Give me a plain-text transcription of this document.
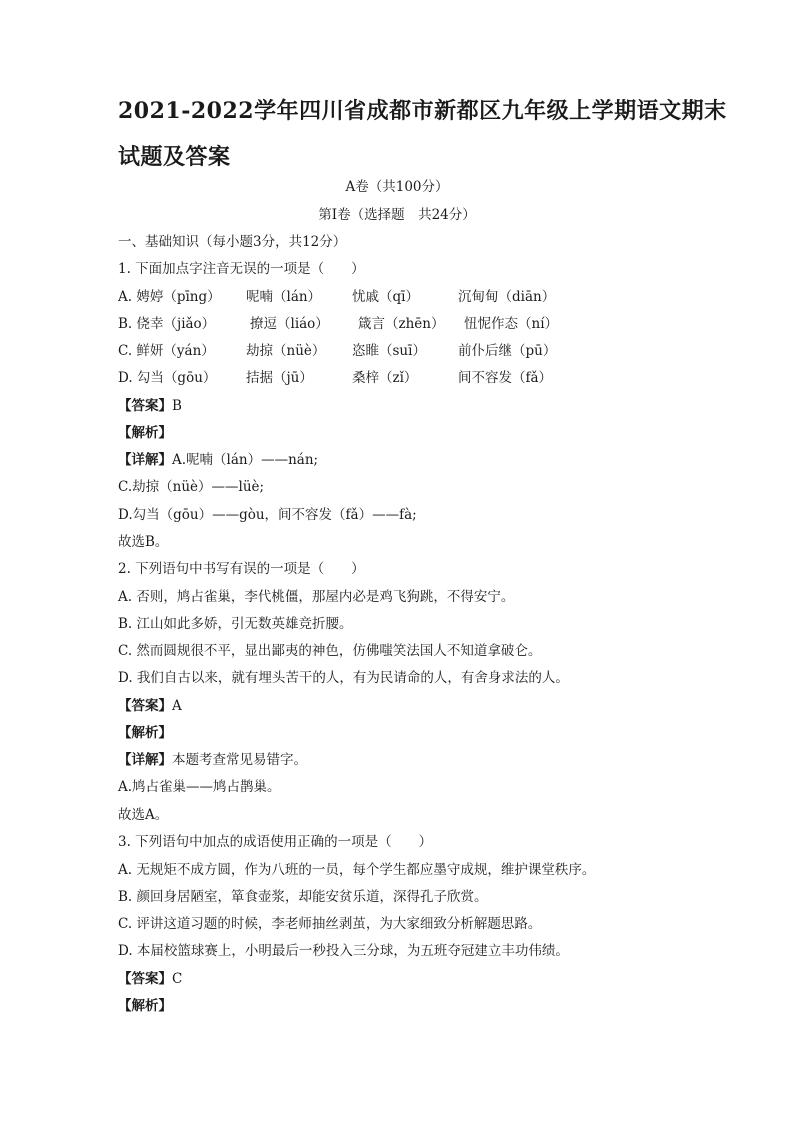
2021-2022学年四川省成都市新都区九年级上学期语文期末
试题及答案
A卷（共100分）
第Ⅰ卷（选择题　共24分）
一、基础知识（每小题3分，共12分）
1. 下面加点字注音无误的一项是（　　）
A. 娉婷（pīng） 呢喃（lán） 忧戚（qī）	沉甸甸（diān）
B. 侥幸（jiǎo）	撩逗（liáo） 箴言（zhēn） 忸怩作态（ní）
C. 鲜妍（yán） 劫掠（nüè） 恣睢（suī） 前仆后继（pū）
D. 勾当（gōu） 拮据（jū）	桑梓（zǐ）	间不容发（fǎ）
【答案】B
【解析】
【详解】A.呢喃（lán）——nán;
C.劫掠（nüè）——lüè;
D.勾当（gōu）——gòu，间不容发（fǎ）——fà;
故选B。
2. 下列语句中书写有误的一项是（　　）
A. 否则，鸠占雀巢，李代桃僵，那屋内必是鸡飞狗跳，不得安宁。
B. 江山如此多娇，引无数英雄竞折腰。
C. 然而圆规很不平，显出鄙夷的神色，仿佛嗤笑法国人不知道拿破仑。
D. 我们自古以来，就有埋头苦干的人，有为民请命的人，有舍身求法的人。
【答案】A
【解析】
【详解】本题考查常见易错字。
A.鸠占雀巢——鸠占鹊巢。
故选A。
3. 下列语句中加点的成语使用正确的一项是（　　）
A. 无规矩不成方圆，作为八班的一员，每个学生都应墨守成规，维护课堂秩序。
B. 颜回身居陋室，箪食壶浆，却能安贫乐道，深得孔子欣赏。
C. 评讲这道习题的时候，李老师抽丝剥茧，为大家细致分析解题思路。
D. 本届校篮球赛上，小明最后一秒投入三分球，为五班夺冠建立丰功伟绩。
【答案】C
【解析】
